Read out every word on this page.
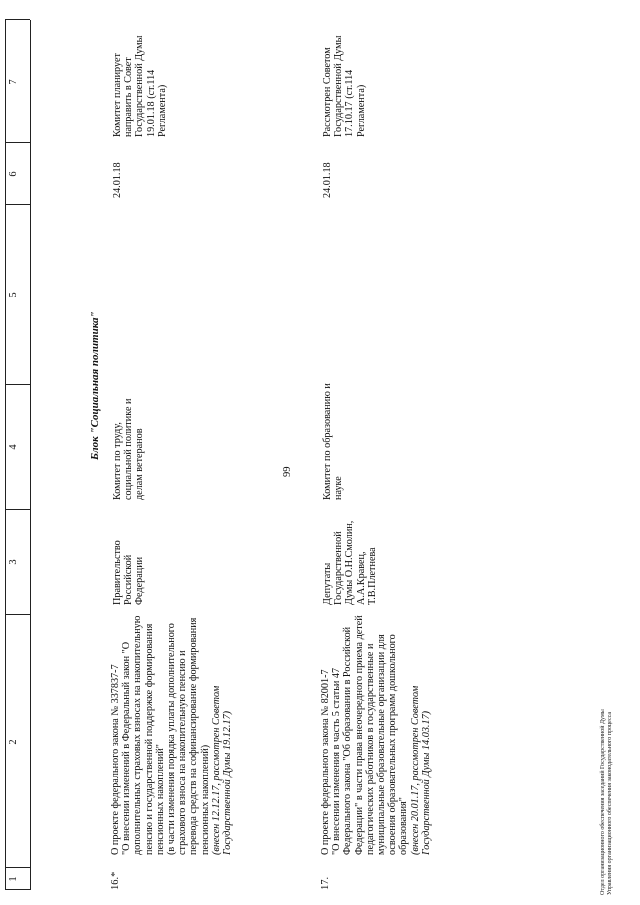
99
1
2
3
4
5
6
7
Блок "Социальная политика"
16.*
О проекте федерального закона № 337837-7
"О внесении изменений в Федеральный закон "О дополнительных страховых взносах на накопительную пенсию и государственной поддержке формирования пенсионных накоплений"
(в части изменения порядка уплаты дополнительного страхового взноса на накопительную пенсию и перевода средств на софинансирование формирования пенсионных накоплений) (внесен 12.12.17, рассмотрен Советом Государственной Думы 19.12.17)
Правительство Российской Федерации
Комитет по труду, социальной политике и делам ветеранов
24.01.18
Комитет планирует направить в Совет Государственной Думы 19.01.18 (ст.114 Регламента)
17.
О проекте федерального закона № 82001-7
"О внесении изменения в часть 5 статьи 47 Федерального закона "Об образовании в Российской Федерации" в части права внеочередного приема детей педагогических работников в государственные и муниципальные образовательные организации для освоения образовательных программ дошкольного образования" (внесен 20.01.17, рассмотрен Советом Государственной Думы 14.03.17)
Депутаты Государственной Думы О.Н.Смолин, А.А.Кравец, Т.В.Плетнева
Комитет по образованию и науке
24.01.18
Рассмотрен Советом Государственной Думы 17.10.17 (ст.114 Регламента)
Отдел организационного обеспечения заседаний Государственной Думы Управления организационного обеспечения законодательного процесса
